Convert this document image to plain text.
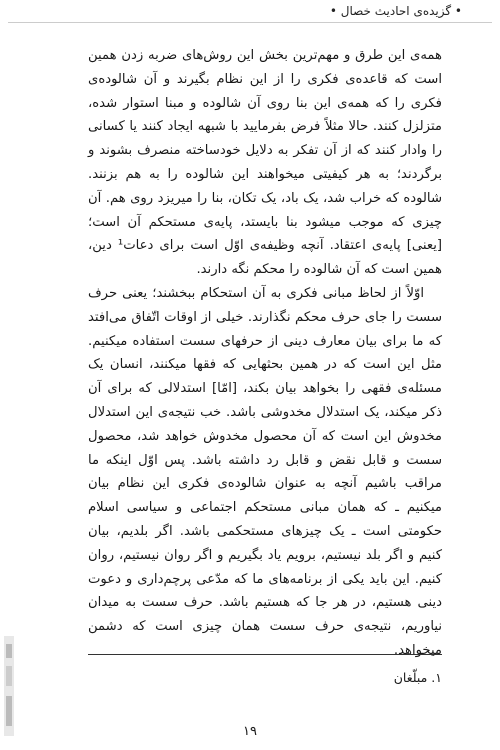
• گزیده‌ی احادیث خصال •

همه‌ی این طرق و مهم‌ترین بخش این روش‌های ضربه زدن همین است که قاعده‌ی فکری را از این نظام بگیرند و آن شالوده‌ی فکری را که همه‌ی این بنا روی آن شالوده و مبنا استوار شده، متزلزل کنند. حالا مثلاً فرض بفرمایید با شبهه ایجاد کنند یا کسانی را وادار کنند که از آن تفکر به دلایل خودساخته منصرف بشوند و برگردند؛ به هر کیفیتی میخواهند این شالوده را به هم بزنند. شالوده که خراب شد، یک باد، یک تکان، بنا را میریزد روی هم. آن چیزی که موجب میشود بنا بایستد، پایه‌ی مستحکم آن است؛ [یعنی] پایه‌ی اعتقاد. آنچه وظیفه‌ی اوّل است برای دعات¹ دین، همین است که آن شالوده را محکم نگه دارند.

اوّلاً از لحاظ مبانی فکری به آن استحکام ببخشند؛ یعنی حرف سست را جای حرف محکم نگذارند. خیلی از اوقات اتّفاق می‌افتد که ما برای بیان معارف دینی از حرفهای سست استفاده میکنیم. مثل این است که در همین بحثهایی که فقها میکنند، انسان یک مسئله‌ی فقهی را بخواهد بیان بکند، [امّا] استدلالی که برای آن ذکر میکند، یک استدلال مخدوشی باشد. خب نتیجه‌ی این استدلال مخدوش این است که آن محصول مخدوش خواهد شد، محصول سست و قابل نقض و قابل رد داشته باشد. پس اوّل اینکه ما مراقب باشیم آنچه به عنوان شالوده‌ی فکری این نظام بیان میکنیم ـ که همان مبانی مستحکم اجتماعی و سیاسی اسلام حکومتی است ـ یک چیزهای مستحکمی باشد. اگر بلدیم، بیان کنیم و اگر بلد نیستیم، برویم یاد بگیریم و اگر روان نیستیم، روان کنیم. این باید یکی از برنامه‌های ما که مدّعی پرچم‌داری و دعوت دینی هستیم، در هر جا که هستیم باشد. حرف سست به میدان نیاوریم، نتیجه‌ی حرف سست همان چیزی است که دشمن میخواهد.

۱. مبلّغان
۱۹
